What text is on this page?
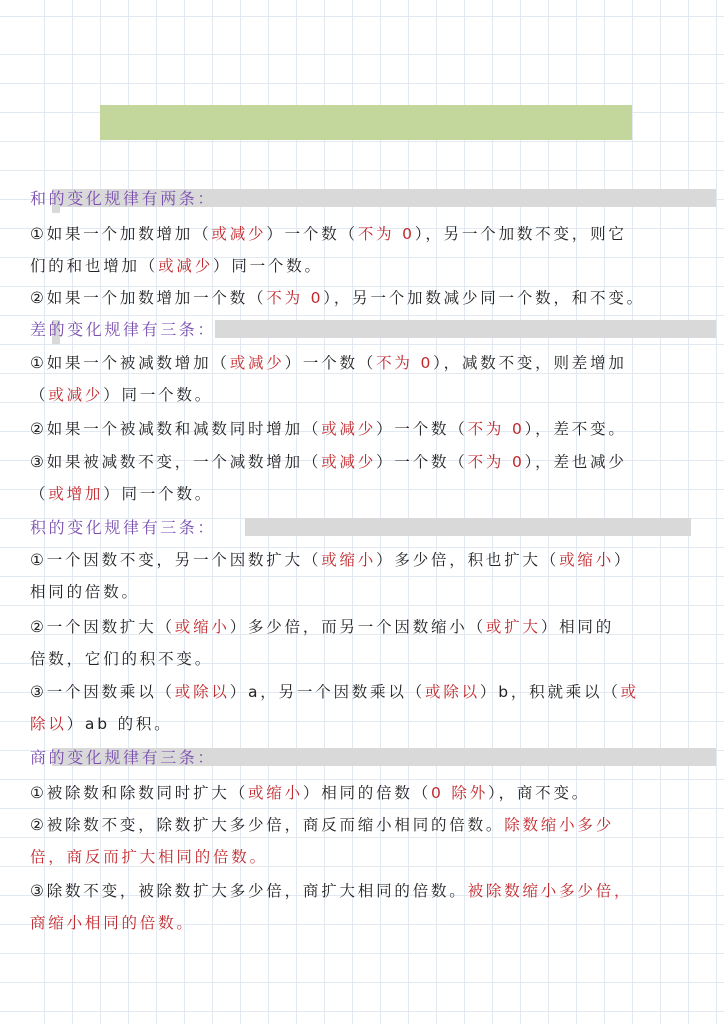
和的变化规律有两条：
①如果一个加数增加（或减少）一个数（不为 0），另一个加数不变，则它
们的和也增加（或减少）同一个数。
②如果一个加数增加一个数（不为 0），另一个加数减少同一个数，和不变。
差的变化规律有三条：
①如果一个被减数增加（或减少）一个数（不为 0），减数不变，则差增加
（或减少）同一个数。
②如果一个被减数和减数同时增加（或减少）一个数（不为 0），差不变。
③如果被减数不变，一个减数增加（或减少）一个数（不为 0），差也减少
（或增加）同一个数。
积的变化规律有三条：
①一个因数不变，另一个因数扩大（或缩小）多少倍，积也扩大（或缩小）
相同的倍数。
②一个因数扩大（或缩小）多少倍，而另一个因数缩小（或扩大）相同的
倍数，它们的积不变。
③一个因数乘以（或除以）a，另一个因数乘以（或除以）b，积就乘以（或
除以）ab 的积。
商的变化规律有三条：
①被除数和除数同时扩大（或缩小）相同的倍数（0 除外），商不变。
②被除数不变，除数扩大多少倍，商反而缩小相同的倍数。除数缩小多少
倍，商反而扩大相同的倍数。
③除数不变，被除数扩大多少倍，商扩大相同的倍数。被除数缩小多少倍，
商缩小相同的倍数。
